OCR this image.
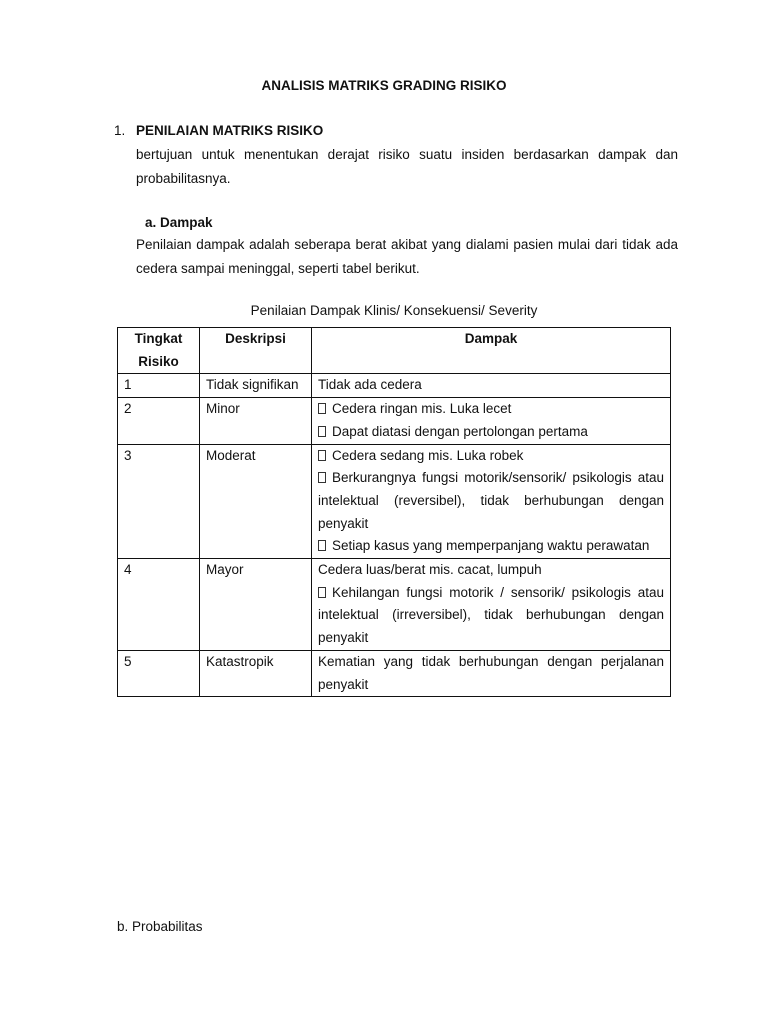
ANALISIS MATRIKS GRADING RISIKO
1. PENILAIAN MATRIKS RISIKO
bertujuan untuk menentukan derajat risiko suatu insiden berdasarkan dampak dan probabilitasnya.
a. Dampak
Penilaian dampak adalah seberapa berat akibat yang dialami pasien mulai dari tidak ada cedera sampai meninggal, seperti tabel berikut.
Penilaian Dampak Klinis/ Konsekuensi/ Severity
Tingkat Risiko	Deskripsi	Dampak
1	Tidak signifikan	Tidak ada cedera

2	Minor	Cedera ringan mis. Luka lecet
Dapat diatasi dengan pertolongan pertama

3	Moderat	Cedera sedang mis. Luka robek
Berkurangnya fungsi motorik/sensorik/ psikologis atau intelektual (reversibel), tidak berhubungan dengan penyakit
Setiap kasus yang memperpanjang waktu perawatan

4	Mayor	Cedera luas/berat mis. cacat, lumpuh
Kehilangan fungsi motorik / sensorik/ psikologis atau intelektual (irreversibel), tidak berhubungan dengan penyakit

5	Katastropik	Kematian yang tidak berhubungan dengan perjalanan penyakit
b. Probabilitas
